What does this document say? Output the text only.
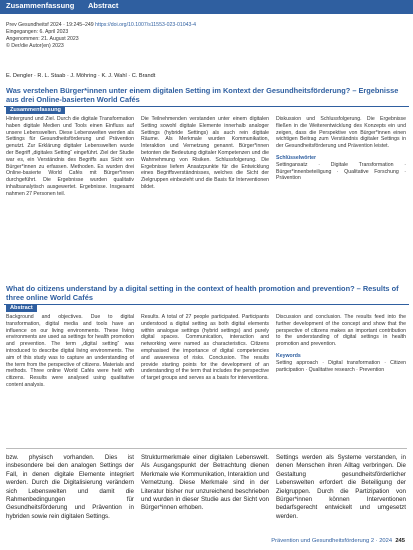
Zusammenfassung Abstract
Prev Gesundheitsf 2024 · 19:245–249 https://doi.org/10.1007/s11553-023-01043-4
Eingegangen: 6. April 2023
Angenommen: 21. August 2023
© Der/die Autor(en) 2023
E. Dengler · R. L. Staab · J. Möhring · K. J. Wahl · C. Brandt
Was verstehen Bürger*innen unter einem digitalen Setting im Kontext der Gesundheitsförderung? – Ergebnisse aus drei Online-basierten World Cafés
Zusammenfassung

Hintergrund und Ziel. Durch die digitale Transformation haben digitale Medien und Tools einen Einfluss auf unsere Lebenswelten. Diese Lebenswelten werden als Settings für Gesundheitsförderung und Prävention genutzt. Zur Erklärung digitaler Lebenswelten wurde der Begriff „digitales Setting“ eingeführt. Ziel der Studie war es, ein Verständnis des Begriffs aus Sicht von Bürger*innen zu erfassen. Methoden. Es wurden drei Online-basierte World Cafés mit Bürger*innen durchgeführt. Die Ergebnisse wurden qualitativ inhaltsanalytisch ausgewertet. Ergebnisse. Insgesamt nahmen 27 Personen teil.

Die Teilnehmenden verstanden unter einem digitalen Setting sowohl digitale Elemente innerhalb analoger Settings (hybride Settings) als auch rein digitale Räume. Als Merkmale wurden Kommunikation, Interaktion und Vernetzung genannt. Bürger*innen betonten die Bedeutung digitaler Kompetenzen und die Wahrnehmung von Risiken. Schlussfolgerung. Die Ergebnisse liefern Ansatzpunkte für die Entwicklung eines Begriffsverständnisses, welches die Sicht der Zielgruppen einbezieht und die Basis für Interventionen bildet.

Diskussion und Schlussfolgerung. Die Ergebnisse fließen in die Weiterentwicklung des Konzepts ein und zeigen, dass die Perspektive von Bürger*innen einen wichtigen Beitrag zum Verständnis digitaler Settings in der Gesundheitsförderung und Prävention leistet.

Schlüsselwörter

Settingansatz · Digitale Transformation · Bürger*innenbeteiligung · Qualitative Forschung · Prävention

What do citizens understand by a digital setting in the context of health promotion and prevention? – Results of three online World Cafés
Abstract

Background and objectives. Due to digital transformation, digital media and tools have an influence on our living environments. These living environments are used as settings for health promotion and prevention. The term „digital setting“ was introduced to describe digital living environments. The aim of this study was to capture an understanding of the term from the perspective of citizens. Materials and methods. Three online World Cafés were held with citizens. Results were analysed using qualitative content analysis.

Results. A total of 27 people participated. Participants understood a digital setting as both digital elements within analogue settings (hybrid settings) and purely digital spaces. Communication, interaction and networking were named as characteristics. Citizens emphasised the importance of digital competencies and awareness of risks. Conclusion. The results provide starting points for the development of an understanding of the term that includes the perspective of target groups and serves as a basis for interventions.

Discussion and conclusion. The results feed into the further development of the concept and show that the perspective of citizens makes an important contribution to the understanding of digital settings in health promotion and prevention.

Keywords

Setting approach · Digital transformation · Citizen participation · Qualitative research · Prevention

bzw. physisch vorhanden. Dies ist insbesondere bei den analogen Settings der Fall, in denen digitale Elemente integriert werden. Durch die Digitalisierung verändern sich Lebenswelten und damit die Rahmenbedingungen für Gesundheitsförderung und Prävention in hybriden sowie rein digitalen Settings.

Strukturmerkmale einer digitalen Lebenswelt. Als Ausgangspunkt der Betrachtung dienen Merkmale wie Kommunikation, Interaktion und Vernetzung. Diese Merkmale sind in der Literatur bisher nur unzureichend beschrieben und wurden in dieser Studie aus der Sicht von Bürger*innen erhoben.

Settings werden als Systeme verstanden, in denen Menschen ihren Alltag verbringen. Die Gestaltung gesundheitsförderlicher Lebenswelten erfordert die Beteiligung der Zielgruppen. Durch die Partizipation von Bürger*innen können Interventionen bedarfsgerecht entwickelt und umgesetzt werden.

Prävention und Gesundheitsförderung 2 · 2024 245
